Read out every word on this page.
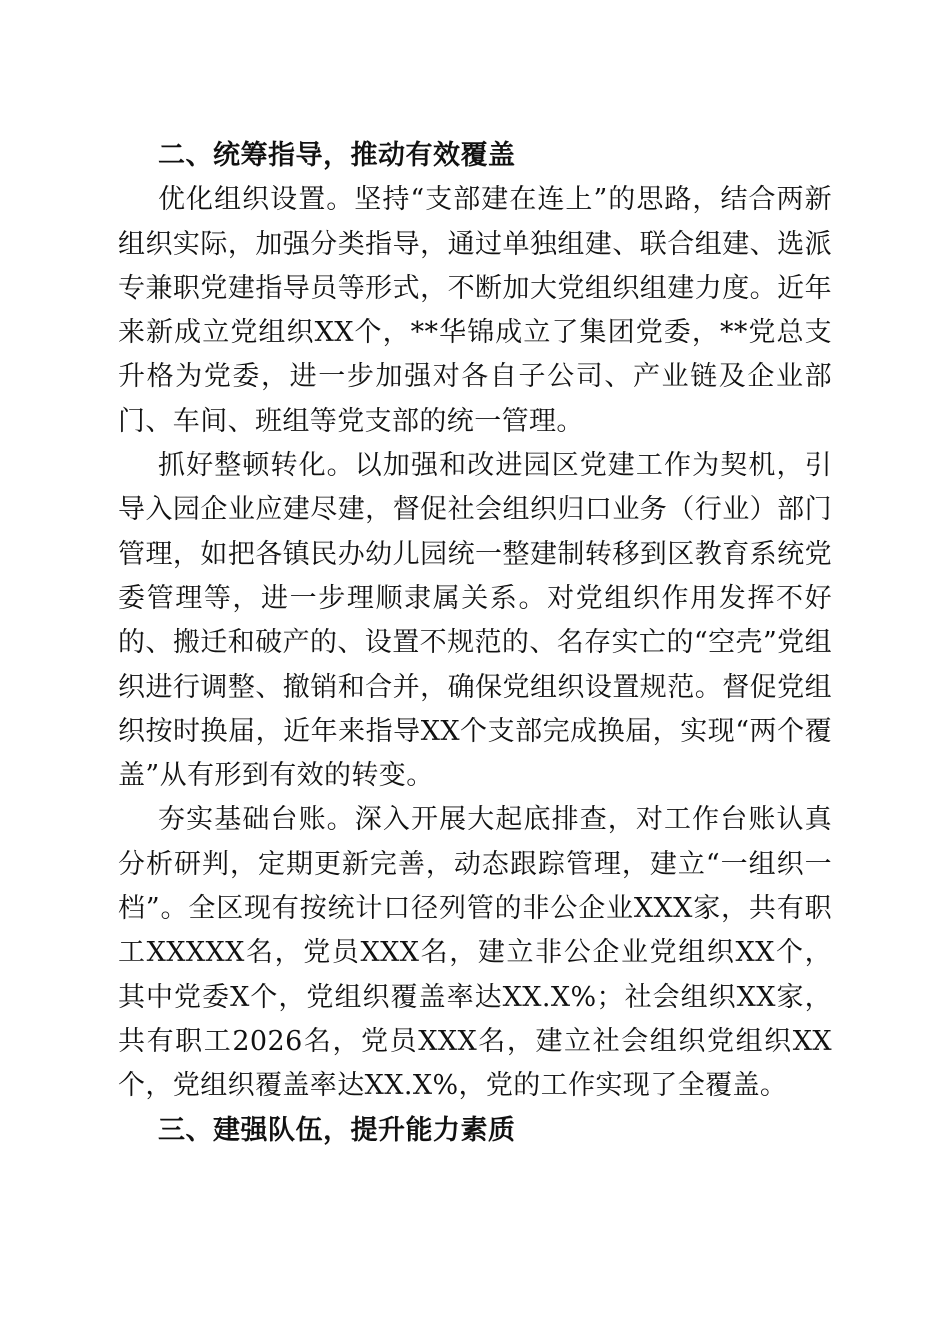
二、统筹指导，推动有效覆盖

优化组织设置。坚持“支部建在连上”的思路，结合两新组织实际，加强分类指导，通过单独组建、联合组建、选派专兼职党建指导员等形式，不断加大党组织组建力度。近年来新成立党组织XX个，**华锦成立了集团党委，**党总支升格为党委，进一步加强对各自子公司、产业链及企业部门、车间、班组等党支部的统一管理。

抓好整顿转化。以加强和改进园区党建工作为契机，引导入园企业应建尽建，督促社会组织归口业务（行业）部门管理，如把各镇民办幼儿园统一整建制转移到区教育系统党委管理等，进一步理顺隶属关系。对党组织作用发挥不好的、搬迁和破产的、设置不规范的、名存实亡的“空壳”党组织进行调整、撤销和合并，确保党组织设置规范。督促党组织按时换届，近年来指导XX个支部完成换届，实现“两个覆盖”从有形到有效的转变。

夯实基础台账。深入开展大起底排查，对工作台账认真分析研判，定期更新完善，动态跟踪管理，建立“一组织一档”。全区现有按统计口径列管的非公企业XXX家，共有职工XXXXX名，党员XXX名，建立非公企业党组织XX个，其中党委X个，党组织覆盖率达XX.X%；社会组织XX家，共有职工2026名，党员XXX名，建立社会组织党组织XX个，党组织覆盖率达XX.X%，党的工作实现了全覆盖。

三、建强队伍，提升能力素质
